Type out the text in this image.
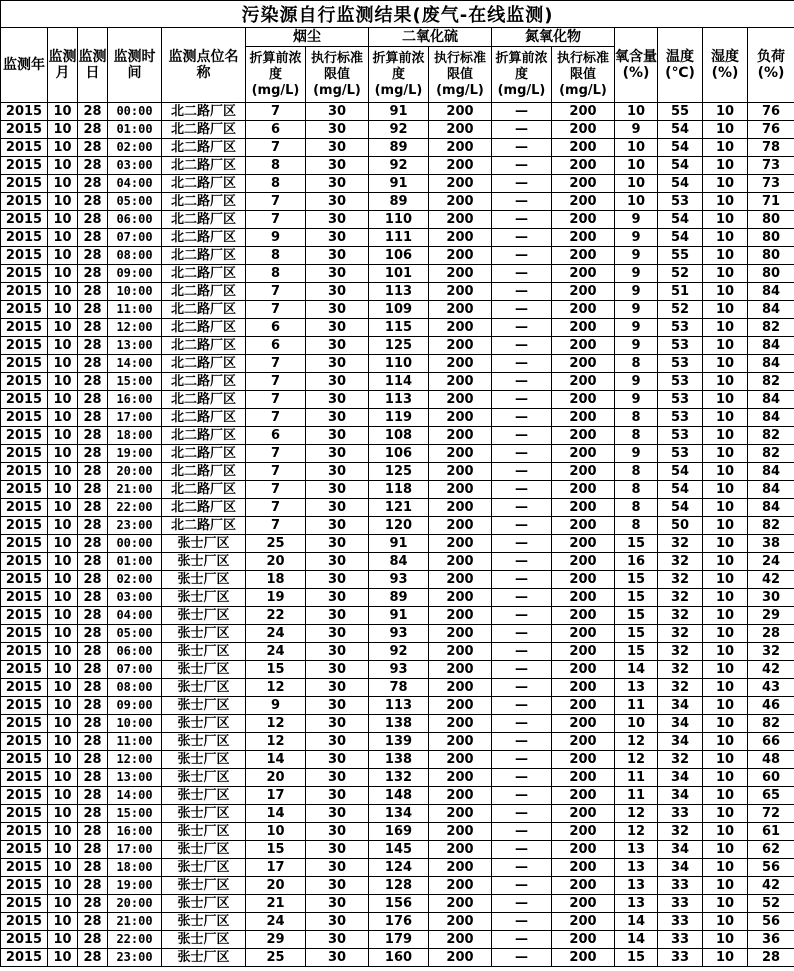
污染源自行监测结果(废气-在线监测)														
监测年	监测月	监测日	监测时间	监测点位名称	烟尘		二氧化硫		氮氧化物		氧含量(%)	温度(℃)	湿度(%)	负荷(%)
					折算前浓度(mg/L)	执行标准限值(mg/L)	折算前浓度(mg/L)	执行标准限值(mg/L)	折算前浓度(mg/L)	执行标准限值(mg/L)				
2015	10	28	00:00	北二路厂区	7	30	91	200	—	200	10	55	10	76
2015	10	28	01:00	北二路厂区	6	30	92	200	—	200	9	54	10	76
2015	10	28	02:00	北二路厂区	7	30	89	200	—	200	10	54	10	78
2015	10	28	03:00	北二路厂区	8	30	92	200	—	200	10	54	10	73
2015	10	28	04:00	北二路厂区	8	30	91	200	—	200	10	54	10	73
2015	10	28	05:00	北二路厂区	7	30	89	200	—	200	10	53	10	71
2015	10	28	06:00	北二路厂区	7	30	110	200	—	200	9	54	10	80
2015	10	28	07:00	北二路厂区	9	30	111	200	—	200	9	54	10	80
2015	10	28	08:00	北二路厂区	8	30	106	200	—	200	9	55	10	80
2015	10	28	09:00	北二路厂区	8	30	101	200	—	200	9	52	10	80
2015	10	28	10:00	北二路厂区	7	30	113	200	—	200	9	51	10	84
2015	10	28	11:00	北二路厂区	7	30	109	200	—	200	9	52	10	84
2015	10	28	12:00	北二路厂区	6	30	115	200	—	200	9	53	10	82
2015	10	28	13:00	北二路厂区	6	30	125	200	—	200	9	53	10	84
2015	10	28	14:00	北二路厂区	7	30	110	200	—	200	8	53	10	84
2015	10	28	15:00	北二路厂区	7	30	114	200	—	200	9	53	10	82
2015	10	28	16:00	北二路厂区	7	30	113	200	—	200	9	53	10	84
2015	10	28	17:00	北二路厂区	7	30	119	200	—	200	8	53	10	84
2015	10	28	18:00	北二路厂区	6	30	108	200	—	200	8	53	10	82
2015	10	28	19:00	北二路厂区	7	30	106	200	—	200	9	53	10	82
2015	10	28	20:00	北二路厂区	7	30	125	200	—	200	8	54	10	84
2015	10	28	21:00	北二路厂区	7	30	118	200	—	200	8	54	10	84
2015	10	28	22:00	北二路厂区	7	30	121	200	—	200	8	54	10	84
2015	10	28	23:00	北二路厂区	7	30	120	200	—	200	8	50	10	82
2015	10	28	00:00	张士厂区	25	30	91	200	—	200	15	32	10	38
2015	10	28	01:00	张士厂区	20	30	84	200	—	200	16	32	10	24
2015	10	28	02:00	张士厂区	18	30	93	200	—	200	15	32	10	42
2015	10	28	03:00	张士厂区	19	30	89	200	—	200	15	32	10	30
2015	10	28	04:00	张士厂区	22	30	91	200	—	200	15	32	10	29
2015	10	28	05:00	张士厂区	24	30	93	200	—	200	15	32	10	28
2015	10	28	06:00	张士厂区	24	30	92	200	—	200	15	32	10	32
2015	10	28	07:00	张士厂区	15	30	93	200	—	200	14	32	10	42
2015	10	28	08:00	张士厂区	12	30	78	200	—	200	13	32	10	43
2015	10	28	09:00	张士厂区	9	30	113	200	—	200	11	34	10	46
2015	10	28	10:00	张士厂区	12	30	138	200	—	200	10	34	10	82
2015	10	28	11:00	张士厂区	12	30	139	200	—	200	12	34	10	66
2015	10	28	12:00	张士厂区	14	30	138	200	—	200	12	32	10	48
2015	10	28	13:00	张士厂区	20	30	132	200	—	200	11	34	10	60
2015	10	28	14:00	张士厂区	17	30	148	200	—	200	11	34	10	65
2015	10	28	15:00	张士厂区	14	30	134	200	—	200	12	33	10	72
2015	10	28	16:00	张士厂区	10	30	169	200	—	200	12	32	10	61
2015	10	28	17:00	张士厂区	15	30	145	200	—	200	13	34	10	62
2015	10	28	18:00	张士厂区	17	30	124	200	—	200	13	34	10	56
2015	10	28	19:00	张士厂区	20	30	128	200	—	200	13	33	10	42
2015	10	28	20:00	张士厂区	21	30	156	200	—	200	13	33	10	52
2015	10	28	21:00	张士厂区	24	30	176	200	—	200	14	33	10	56
2015	10	28	22:00	张士厂区	29	30	179	200	—	200	14	33	10	36
2015	10	28	23:00	张士厂区	25	30	160	200	—	200	15	33	10	28
